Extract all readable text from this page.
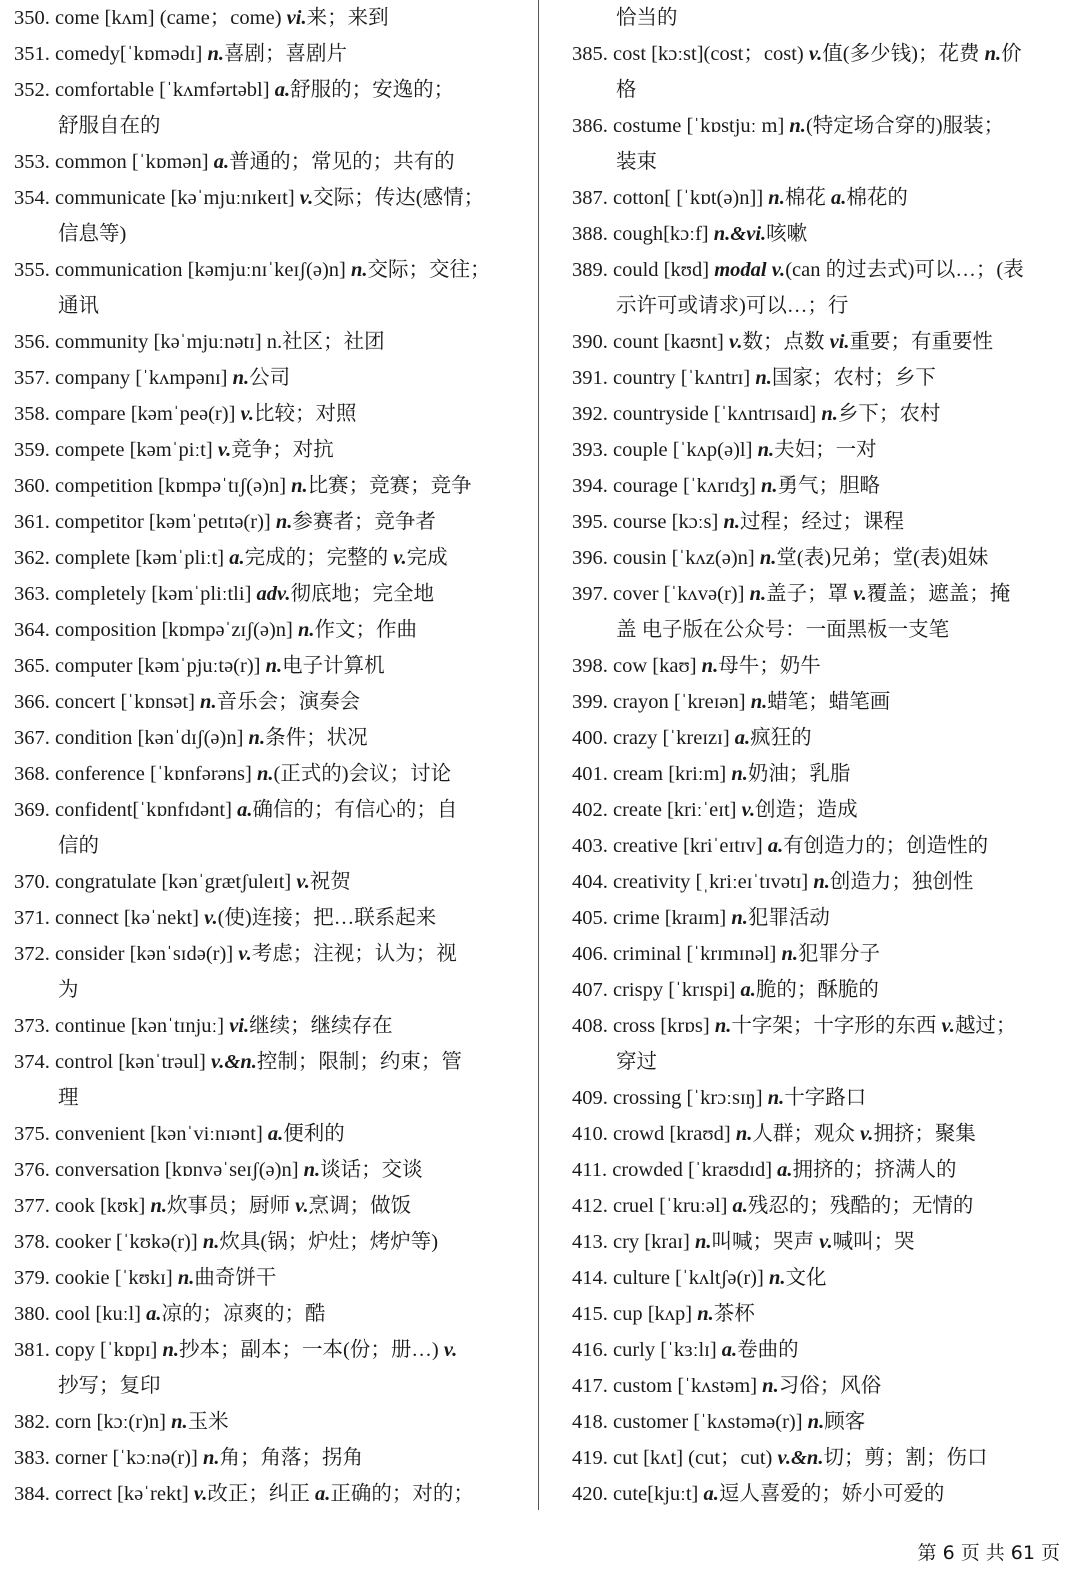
350. come [kʌm] (came；come) vi.来；来到
351. comedy[ˈkɒmədɪ] n.喜剧；喜剧片
352. comfortable [ˈkʌmfərtəbl] a.舒服的；安逸的；
舒服自在的
353. common [ˈkɒmən] a.普通的；常见的；共有的
354. communicate [kəˈmjuːnɪkeɪt] v.交际；传达(感情；
信息等)
355. communication [kəmjuːnɪˈkeɪʃ(ə)n] n.交际；交往；
通讯
356. community [kəˈmjuːnətɪ] n.社区；社团
357. company [ˈkʌmpənɪ] n.公司
358. compare [kəmˈpeə(r)] v.比较；对照
359. compete [kəmˈpiːt] v.竞争；对抗
360. competition [kɒmpəˈtɪʃ(ə)n] n.比赛；竞赛；竞争
361. competitor [kəmˈpetɪtə(r)] n.参赛者；竞争者
362. complete [kəmˈpliːt] a.完成的；完整的 v.完成
363. completely [kəmˈpliːtli] adv.彻底地；完全地
364. composition [kɒmpəˈzɪʃ(ə)n] n.作文；作曲
365. computer [kəmˈpjuːtə(r)] n.电子计算机
366. concert [ˈkɒnsət] n.音乐会；演奏会
367. condition [kənˈdɪʃ(ə)n] n.条件；状况
368. conference [ˈkɒnfərəns] n.(正式的)会议；讨论
369. confident[ˈkɒnfɪdənt] a.确信的；有信心的；自
信的
370. congratulate [kənˈgrætʃuleɪt] v.祝贺
371. connect [kəˈnekt] v.(使)连接；把…联系起来
372. consider [kənˈsɪdə(r)] v.考虑；注视；认为；视
为
373. continue [kənˈtɪnjuː] vi.继续；继续存在
374. control [kənˈtrəul] v.&n.控制；限制；约束；管
理
375. convenient [kənˈviːnɪənt] a.便利的
376. conversation [kɒnvəˈseɪʃ(ə)n] n.谈话；交谈
377. cook [kʊk] n.炊事员；厨师 v.烹调；做饭
378. cooker [ˈkʊkə(r)] n.炊具(锅；炉灶；烤炉等)
379. cookie [ˈkʊkɪ] n.曲奇饼干
380. cool [kuːl] a.凉的；凉爽的；酷
381. copy [ˈkɒpɪ] n.抄本；副本；一本(份；册…) v.
抄写；复印
382. corn [kɔː(r)n] n.玉米
383. corner [ˈkɔːnə(r)] n.角；角落；拐角
384. correct [kəˈrekt] v.改正；纠正 a.正确的；对的；
恰当的
385. cost [kɔːst](cost；cost) v.值(多少钱)；花费 n.价
格
386. costume [ˈkɒstjuː m] n.(特定场合穿的)服装；
装束
387. cotton[ [ˈkɒt(ə)n]] n.棉花 a.棉花的
388. cough[kɔːf] n.&vi.咳嗽
389. could [kʊd] modal v.(can 的过去式)可以…；(表
示许可或请求)可以…；行
390. count [kaʊnt] v.数；点数 vi.重要；有重要性
391. country [ˈkʌntrɪ] n.国家；农村；乡下
392. countryside [ˈkʌntrɪsaɪd] n.乡下；农村
393. couple [ˈkʌp(ə)l] n.夫妇；一对
394. courage [ˈkʌrɪdʒ] n.勇气；胆略
395. course [kɔːs] n.过程；经过；课程
396. cousin [ˈkʌz(ə)n] n.堂(表)兄弟；堂(表)姐妹
397. cover [ˈkʌvə(r)] n.盖子；罩 v.覆盖；遮盖；掩
盖 电子版在公众号：一面黑板一支笔
398. cow [kaʊ] n.母牛；奶牛
399. crayon [ˈkreɪən] n.蜡笔；蜡笔画
400. crazy [ˈkreɪzɪ] a.疯狂的
401. cream [kriːm] n.奶油；乳脂
402. create [kriːˈeɪt] v.创造；造成
403. creative [kriˈeɪtɪv] a.有创造力的；创造性的
404. creativity [ˌkriːeɪˈtɪvətɪ] n.创造力；独创性
405. crime [kraɪm] n.犯罪活动
406. criminal [ˈkrɪmɪnəl] n.犯罪分子
407. crispy [ˈkrɪspi] a.脆的；酥脆的
408. cross [krɒs] n.十字架；十字形的东西 v.越过；
穿过
409. crossing [ˈkrɔːsɪŋ] n.十字路口
410. crowd [kraʊd] n.人群；观众 v.拥挤；聚集
411. crowded [ˈkraʊdɪd] a.拥挤的；挤满人的
412. cruel [ˈkruːəl] a.残忍的；残酷的；无情的
413. cry [kraɪ] n.叫喊；哭声 v.喊叫；哭
414. culture [ˈkʌltʃə(r)] n.文化
415. cup [kʌp] n.茶杯
416. curly [ˈkɜːlɪ] a.卷曲的
417. custom [ˈkʌstəm] n.习俗；风俗
418. customer [ˈkʌstəmə(r)] n.顾客
419. cut [kʌt] (cut；cut) v.&n.切；剪；割；伤口
420. cute[kjuːt] a.逗人喜爱的；娇小可爱的
第 6 页 共 61 页
